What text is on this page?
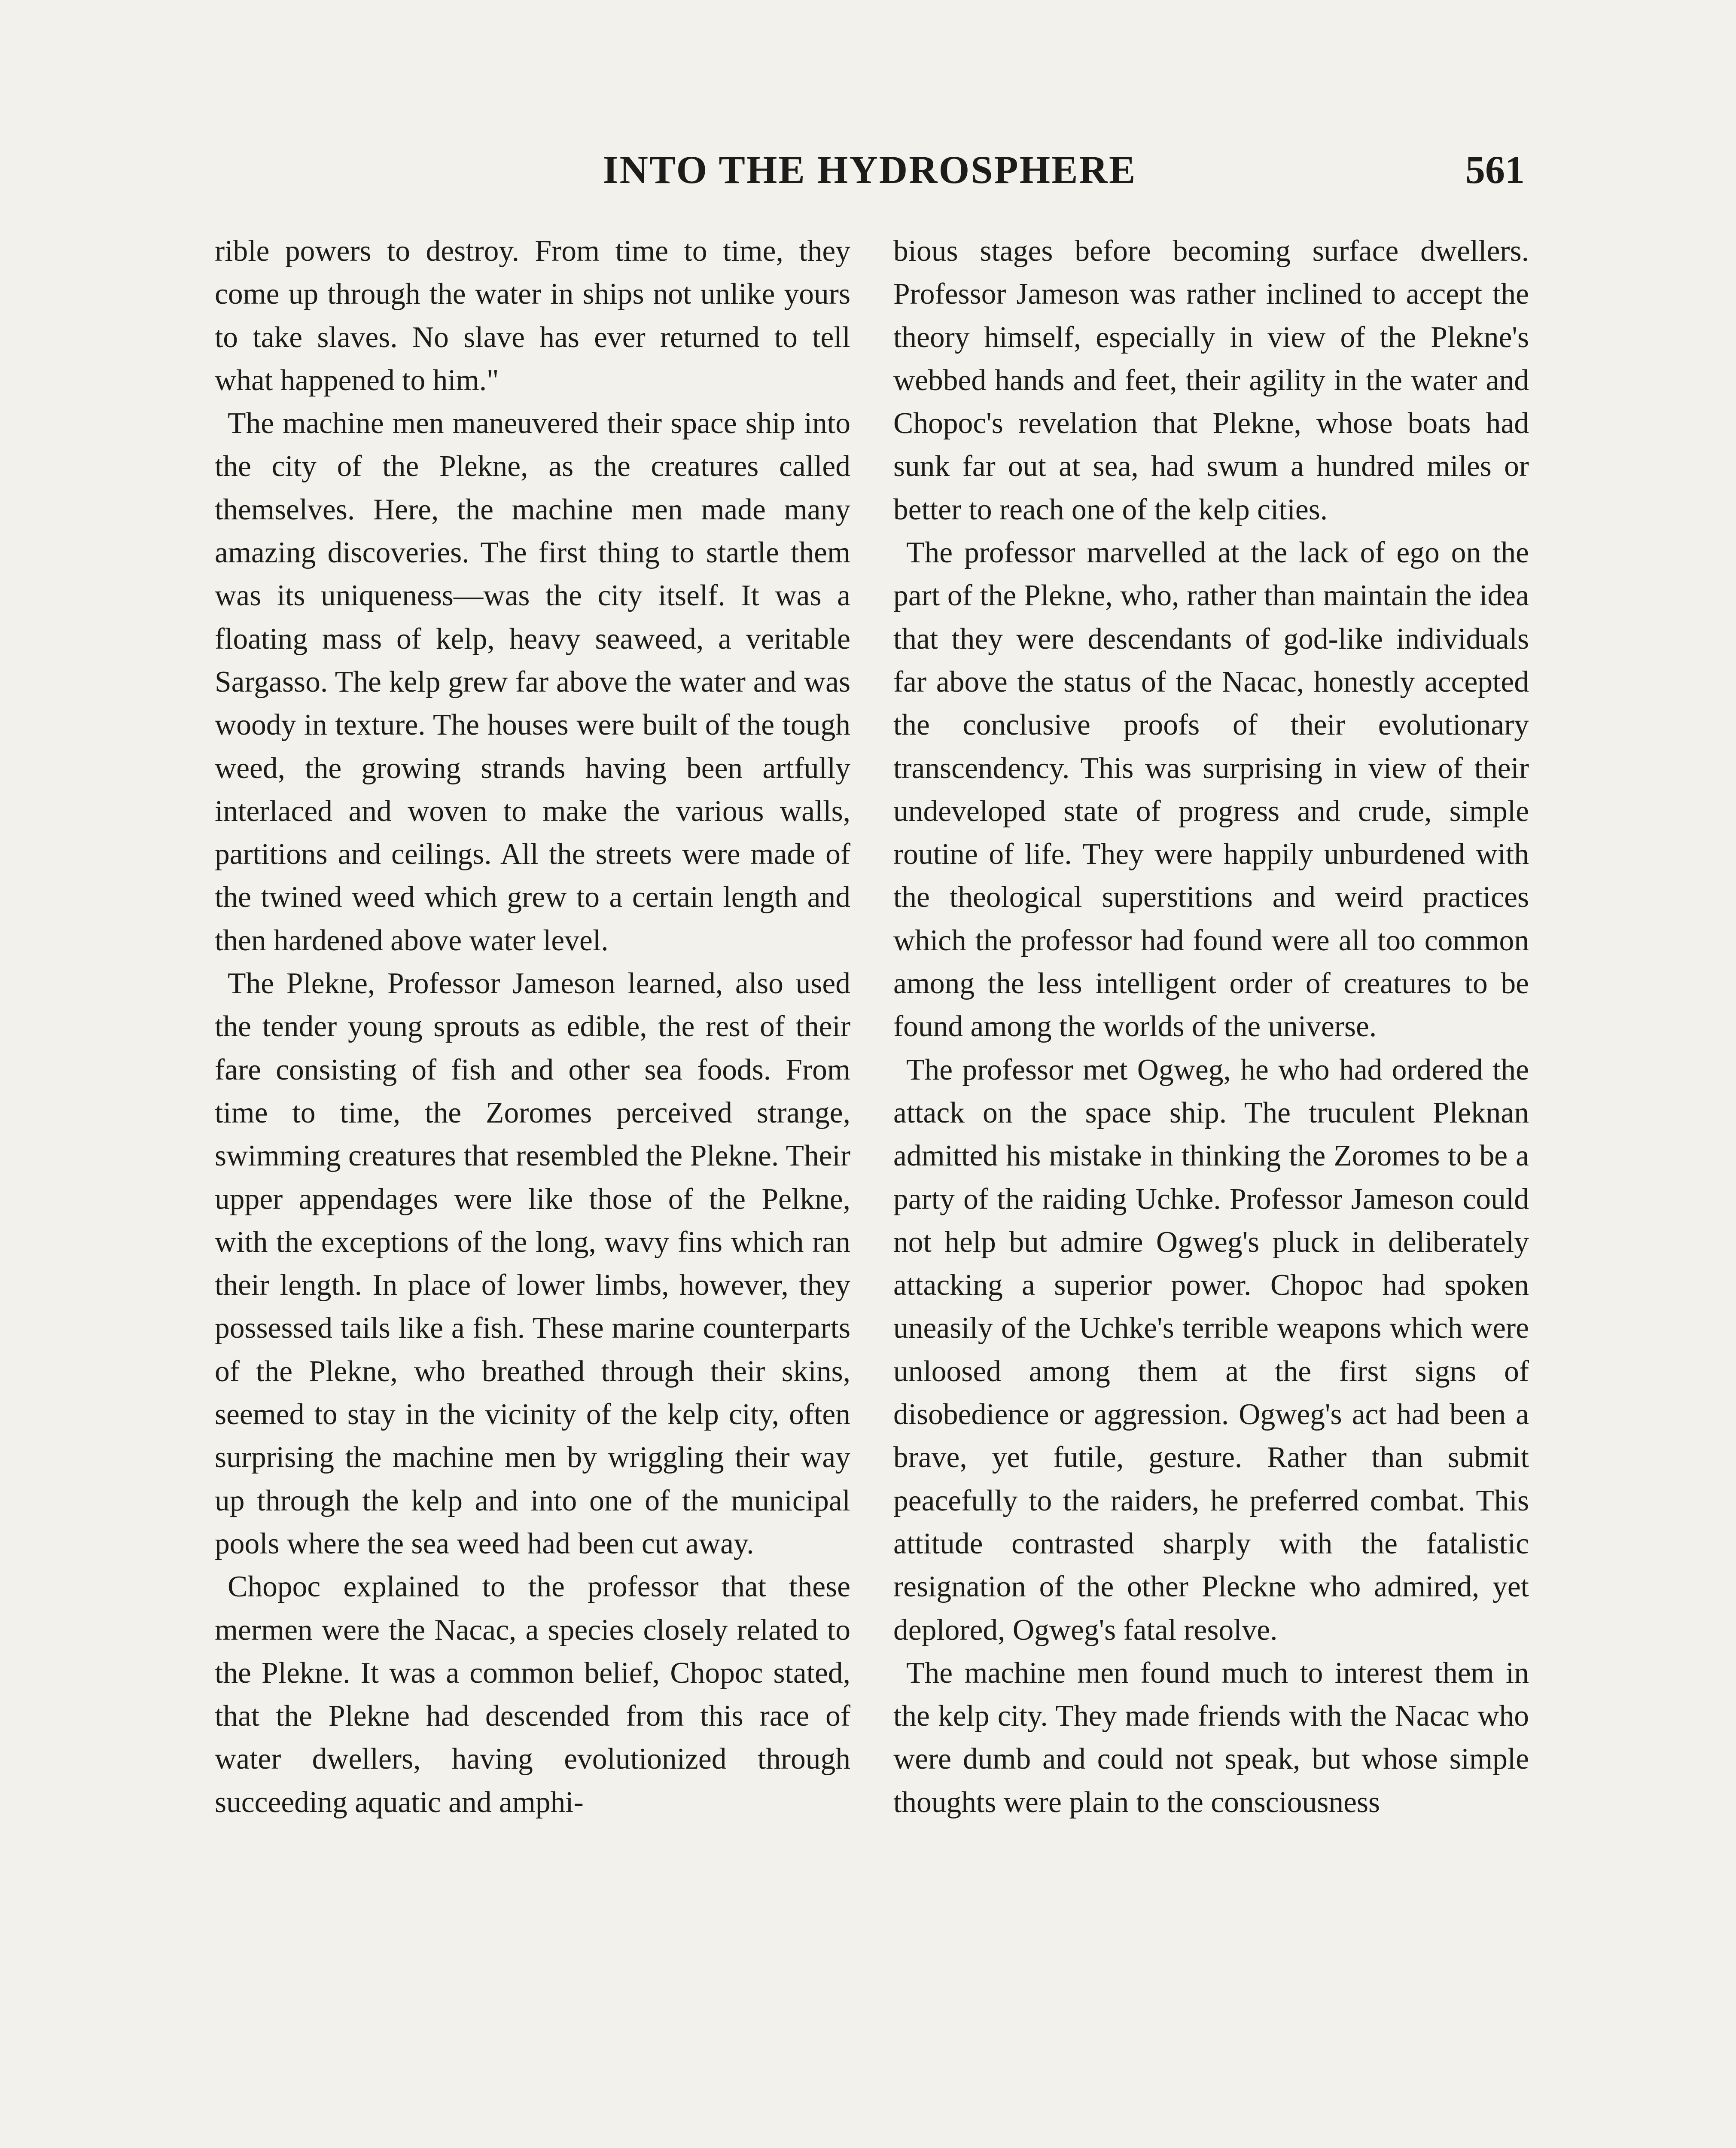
INTO THE HYDROSPHERE	561

rible powers to destroy. From time to time, they come up through the water in ships not unlike yours to take slaves. No slave has ever returned to tell what happened to him."

The machine men maneuvered their space ship into the city of the Plekne, as the creatures called themselves. Here, the machine men made many amazing discoveries. The first thing to startle them was its uniqueness—was the city itself. It was a floating mass of kelp, heavy seaweed, a veritable Sargasso. The kelp grew far above the water and was woody in texture. The houses were built of the tough weed, the growing strands having been artfully interlaced and woven to make the various walls, partitions and ceilings. All the streets were made of the twined weed which grew to a certain length and then hardened above water level.

The Plekne, Professor Jameson learned, also used the tender young sprouts as edible, the rest of their fare consisting of fish and other sea foods. From time to time, the Zoromes perceived strange, swimming creatures that resembled the Plekne. Their upper appendages were like those of the Pelkne, with the exceptions of the long, wavy fins which ran their length. In place of lower limbs, however, they possessed tails like a fish. These marine counterparts of the Plekne, who breathed through their skins, seemed to stay in the vicinity of the kelp city, often surprising the machine men by wriggling their way up through the kelp and into one of the municipal pools where the sea weed had been cut away.

Chopoc explained to the professor that these mermen were the Nacac, a species closely related to the Plekne. It was a common belief, Chopoc stated, that the Plekne had descended from this race of water dwellers, having evolutionized through succeeding aquatic and amphi-

bious stages before becoming surface dwellers. Professor Jameson was rather inclined to accept the theory himself, especially in view of the Plekne's webbed hands and feet, their agility in the water and Chopoc's revelation that Plekne, whose boats had sunk far out at sea, had swum a hundred miles or better to reach one of the kelp cities.

The professor marvelled at the lack of ego on the part of the Plekne, who, rather than maintain the idea that they were descendants of god-like individuals far above the status of the Nacac, honestly accepted the conclusive proofs of their evolutionary transcendency. This was surprising in view of their undeveloped state of progress and crude, simple routine of life. They were happily unburdened with the theological superstitions and weird practices which the professor had found were all too common among the less intelligent order of creatures to be found among the worlds of the universe.

The professor met Ogweg, he who had ordered the attack on the space ship. The truculent Pleknan admitted his mistake in thinking the Zoromes to be a party of the raiding Uchke. Professor Jameson could not help but admire Ogweg's pluck in deliberately attacking a superior power. Chopoc had spoken uneasily of the Uchke's terrible weapons which were unloosed among them at the first signs of disobedience or aggression. Ogweg's act had been a brave, yet futile, gesture. Rather than submit peacefully to the raiders, he preferred combat. This attitude contrasted sharply with the fatalistic resignation of the other Pleckne who admired, yet deplored, Ogweg's fatal resolve.

The machine men found much to interest them in the kelp city. They made friends with the Nacac who were dumb and could not speak, but whose simple thoughts were plain to the consciousness
